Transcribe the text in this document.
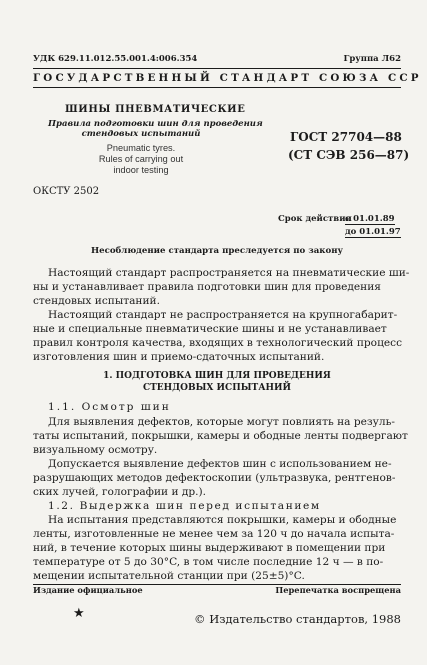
УДК 629.11.012.55.001.4:006.354	Группа Л62
ГОСУДАРСТВЕННЫЙ СТАНДАРТ СОЮЗА ССР
ШИНЫ ПНЕВМАТИЧЕСКИЕ
Правила подготовки шин для проведения
стендовых испытаний
Pneumatic tyres.
Rules of carrying out
indoor testing
ГОСТ 27704—88
(СТ СЭВ 256—87)
ОКСТУ 2502
Срок действия
с 01.01.89
до 01.01.97
Несоблюдение стандарта преследуется по закону
Настоящий стандарт распространяется на пневматические ши-
ны и устанавливает правила подготовки шин для проведения
стендовых испытаний.
Настоящий стандарт не распространяется на крупногабарит-
ные и специальные пневматические шины и не устанавливает
правил контроля качества, входящих в технологический процесс
изготовления шин и приемо-сдаточных испытаний.
1. ПОДГОТОВКА ШИН ДЛЯ ПРОВЕДЕНИЯ
СТЕНДОВЫХ ИСПЫТАНИЙ
1.1. Осмотр шин
Для выявления дефектов, которые могут повлиять на резуль-
таты испытаний, покрышки, камеры и ободные ленты подвергают
визуальному осмотру.
Допускается выявление дефектов шин с использованием не-
разрушающих методов дефектоскопии (ультразвука, рентгенов-
ских лучей, голографии и др.).
1.2. Выдержка шин перед испытанием
На испытания представляются покрышки, камеры и ободные
ленты, изготовленные не менее чем за 120 ч до начала испыта-
ний, в течение которых шины выдерживают в помещении при
температуре от 5 до 30°C, в том числе последние 12 ч — в по-
мещении испытательной станции при (25±5)°C.
Издание официальное	Перепечатка воспрещена
★	© Издательство стандартов, 1988
